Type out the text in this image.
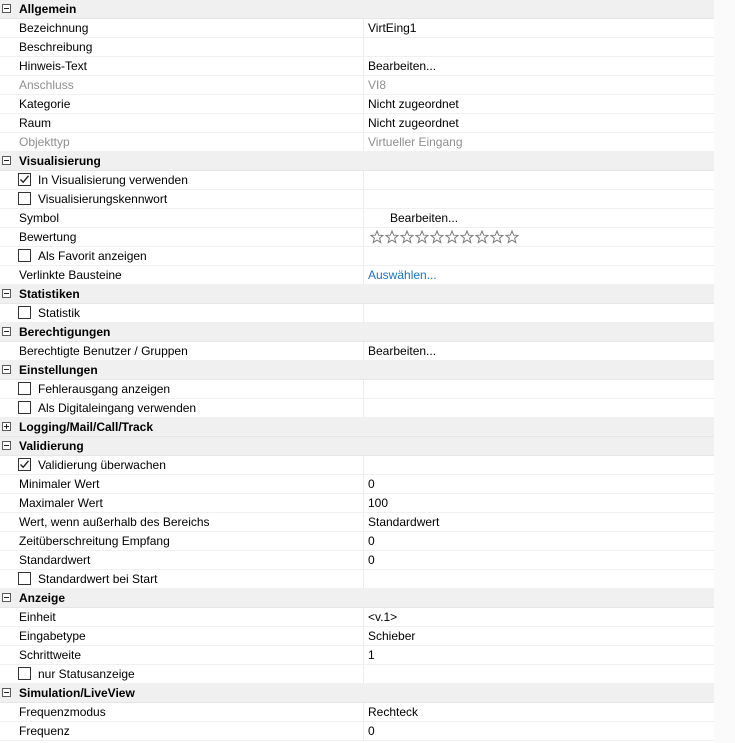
Allgemein
Bezeichnung	VirtEing1
Beschreibung
Hinweis-Text	Bearbeiten...
Anschluss	VI8
Kategorie	Nicht zugeordnet
Raum	Nicht zugeordnet
Objekttyp	Virtueller Eingang
Visualisierung
In Visualisierung verwenden
Visualisierungskennwort
Symbol	Bearbeiten...
Bewertung
Als Favorit anzeigen
Verlinkte Bausteine	Auswählen...
Statistiken
Statistik
Berechtigungen
Berechtigte Benutzer / Gruppen	Bearbeiten...
Einstellungen
Fehlerausgang anzeigen
Als Digitaleingang verwenden
Logging/Mail/Call/Track
Validierung
Validierung überwachen
Minimaler Wert	0
Maximaler Wert	100
Wert, wenn außerhalb des Bereichs	Standardwert
Zeitüberschreitung Empfang	0
Standardwert	0
Standardwert bei Start
Anzeige
Einheit	<v.1>
Eingabetype	Schieber
Schrittweite	1
nur Statusanzeige
Simulation/LiveView
Frequenzmodus	Rechteck
Frequenz	0
